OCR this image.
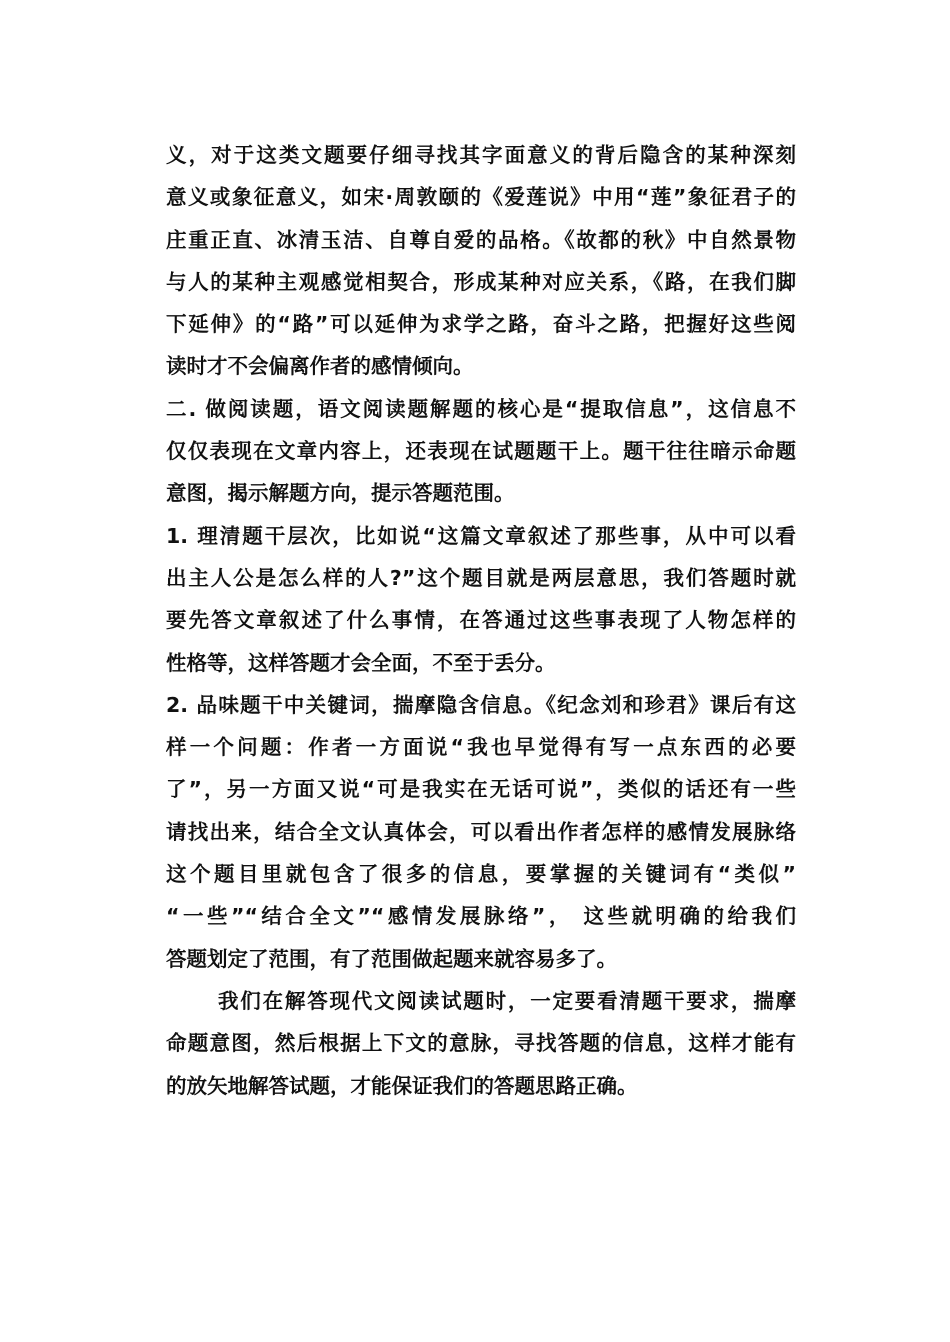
义，对于这类文题要仔细寻找其字面意义的背后隐含的某种深刻
意义或象征意义，如宋·周敦颐的《爱莲说》中用“莲”象征君子的
庄重正直、冰清玉洁、自尊自爱的品格。《故都的秋》中自然景物
与人的某种主观感觉相契合，形成某种对应关系，《路，在我们脚
下延伸》的“路”可以延伸为求学之路，奋斗之路，把握好这些阅
读时才不会偏离作者的感情倾向。
二. 做阅读题，语文阅读题解题的核心是“提取信息”，这信息不
仅仅表现在文章内容上，还表现在试题题干上。题干往往暗示命题
意图，揭示解题方向，提示答题范围。
1. 理清题干层次，比如说“这篇文章叙述了那些事，从中可以看
出主人公是怎么样的人?”这个题目就是两层意思，我们答题时就
要先答文章叙述了什么事情，在答通过这些事表现了人物怎样的
性格等，这样答题才会全面，不至于丢分。
2. 品味题干中关键词，揣摩隐含信息。《纪念刘和珍君》课后有这
样一个问题：作者一方面说“我也早觉得有写一点东西的必要
了”，另一方面又说“可是我实在无话可说”，类似的话还有一些
请找出来，结合全文认真体会，可以看出作者怎样的感情发展脉络
这个题目里就包含了很多的信息，要掌握的关键词有“类似”
“一些”“结合全文”“感情发展脉络”， 这些就明确的给我们
答题划定了范围，有了范围做起题来就容易多了。
我们在解答现代文阅读试题时，一定要看清题干要求，揣摩
命题意图，然后根据上下文的意脉，寻找答题的信息，这样才能有
的放矢地解答试题，才能保证我们的答题思路正确。
